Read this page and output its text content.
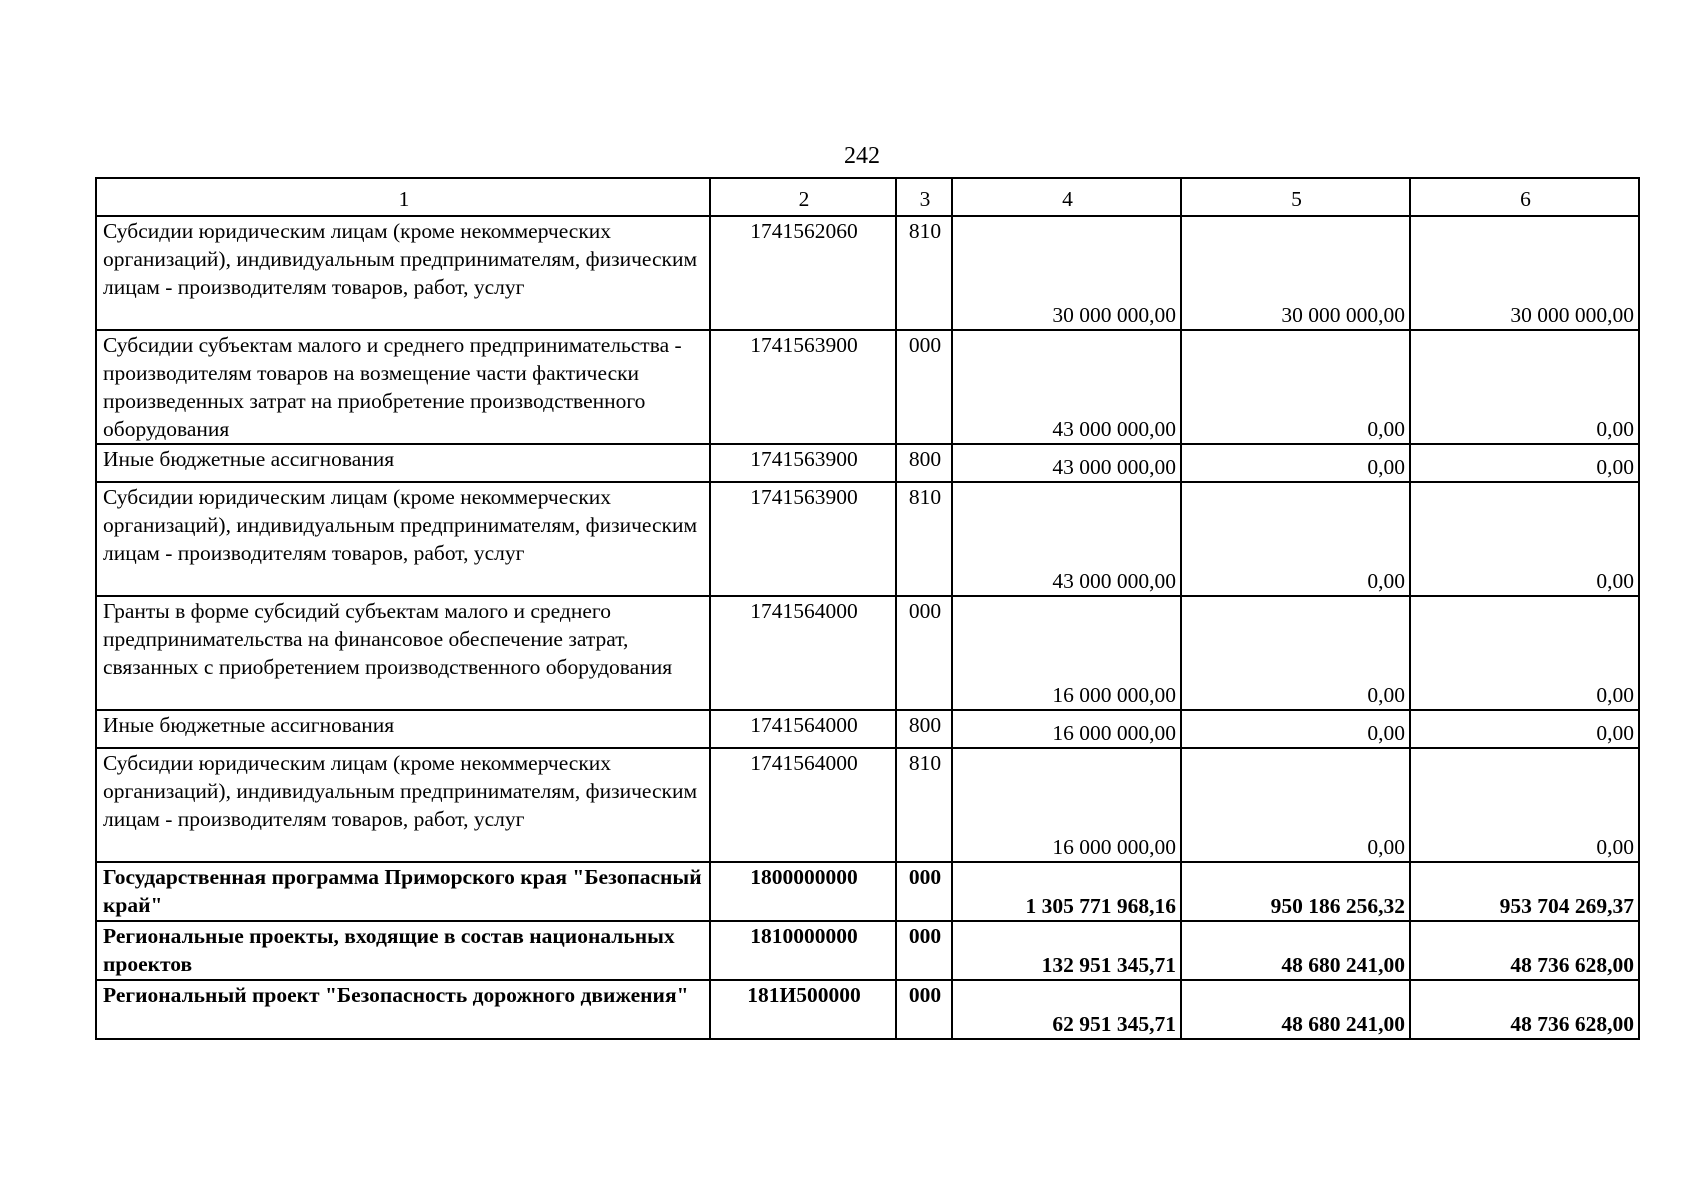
242
1	2	3	4	5	6
Субсидии юридическим лицам (кроме некоммерческих организаций), индивидуальным предпринимателям, физическим лицам - производителям товаров, работ, услуг	1741562060	810	30 000 000,00	30 000 000,00	30 000 000,00
Субсидии субъектам малого и среднего предпринимательства - производителям товаров на возмещение части фактически произведенных затрат на приобретение производственного оборудования	1741563900	000	43 000 000,00	0,00	0,00
Иные бюджетные ассигнования	1741563900	800	43 000 000,00	0,00	0,00
Субсидии юридическим лицам (кроме некоммерческих организаций), индивидуальным предпринимателям, физическим лицам - производителям товаров, работ, услуг	1741563900	810	43 000 000,00	0,00	0,00
Гранты в форме субсидий субъектам малого и среднего предпринимательства на финансовое обеспечение затрат, связанных с приобретением производственного оборудования	1741564000	000	16 000 000,00	0,00	0,00
Иные бюджетные ассигнования	1741564000	800	16 000 000,00	0,00	0,00
Субсидии юридическим лицам (кроме некоммерческих организаций), индивидуальным предпринимателям, физическим лицам - производителям товаров, работ, услуг	1741564000	810	16 000 000,00	0,00	0,00
Государственная программа Приморского края "Безопасный край"	1800000000	000	1 305 771 968,16	950 186 256,32	953 704 269,37
Региональные проекты, входящие в состав национальных проектов	1810000000	000	132 951 345,71	48 680 241,00	48 736 628,00
Региональный проект "Безопасность дорожного движения"	181И500000	000	62 951 345,71	48 680 241,00	48 736 628,00
